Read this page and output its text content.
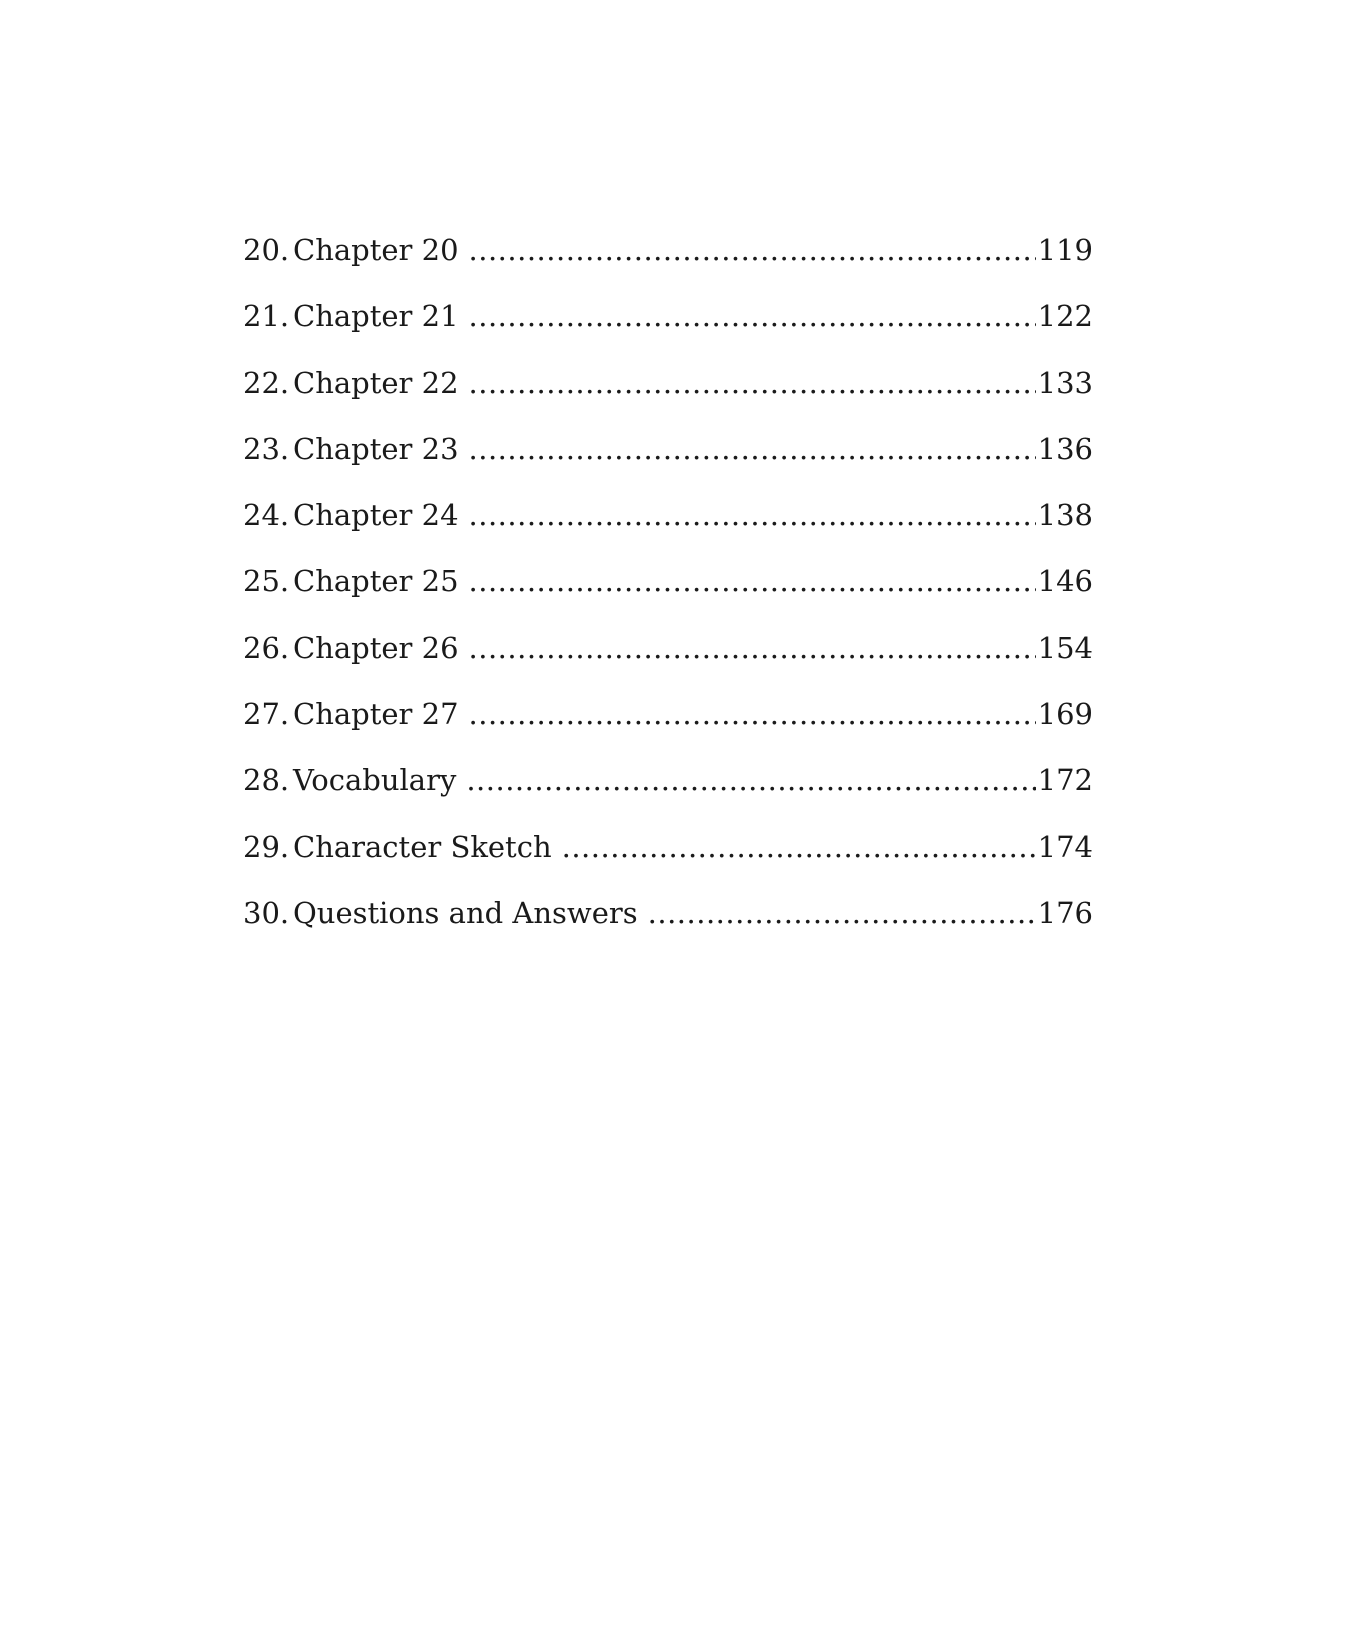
20. Chapter 20 .....	119
21. Chapter 21 .....	122
22. Chapter 22 .....	133
23. Chapter 23 .....	136
24. Chapter 24 .....	138
25. Chapter 25 .....	146
26. Chapter 26 .....	154
27. Chapter 27 .....	169
28. Vocabulary .....	172
29. Character Sketch .....	174
30. Questions and Answers .....	176
